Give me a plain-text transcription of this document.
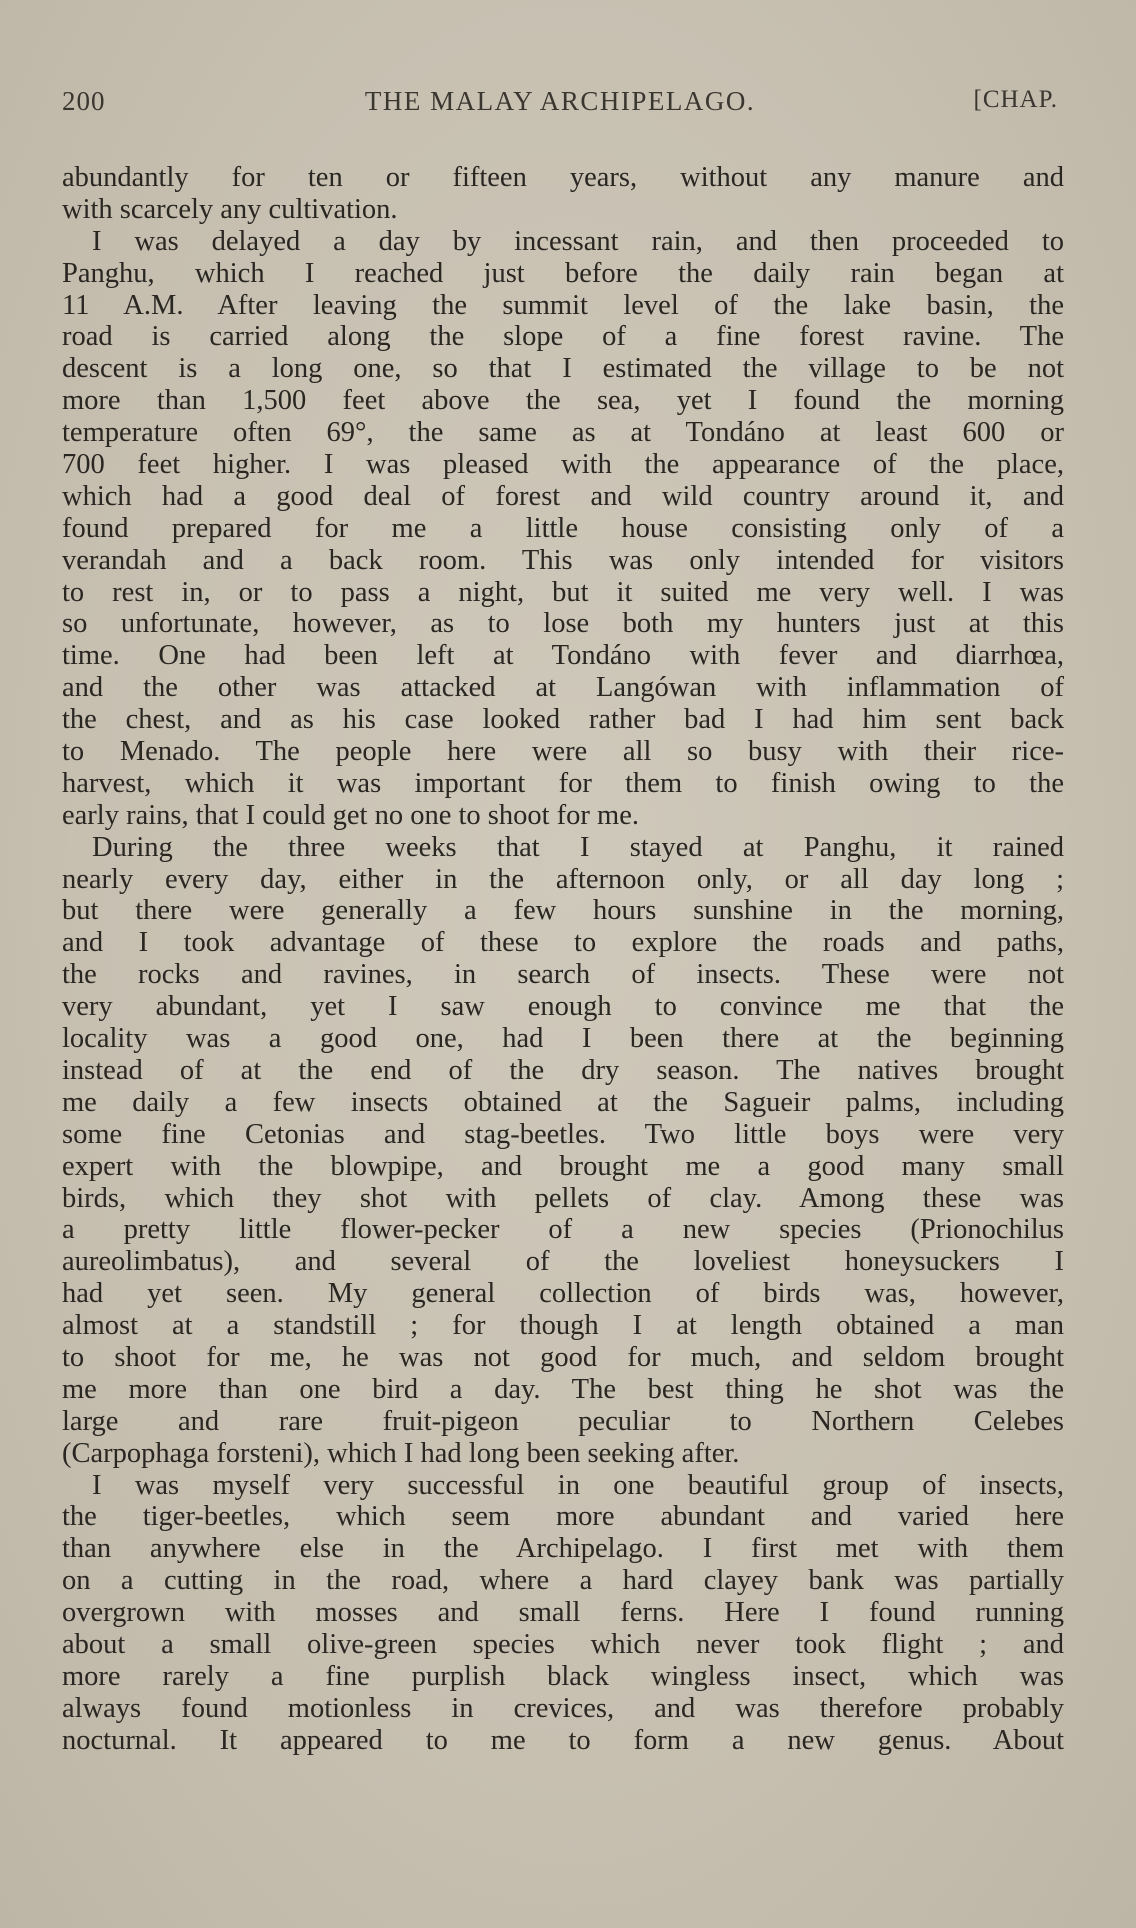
200	THE MALAY ARCHIPELAGO.	[CHAP.
abundantly for ten or fifteen years, without any manure and
with scarcely any cultivation.
I was delayed a day by incessant rain, and then proceeded to
Panghu, which I reached just before the daily rain began at
11 A.M. After leaving the summit level of the lake basin, the
road is carried along the slope of a fine forest ravine. The
descent is a long one, so that I estimated the village to be not
more than 1,500 feet above the sea, yet I found the morning
temperature often 69°, the same as at Tondáno at least 600 or
700 feet higher. I was pleased with the appearance of the place,
which had a good deal of forest and wild country around it, and
found prepared for me a little house consisting only of a
verandah and a back room. This was only intended for visitors
to rest in, or to pass a night, but it suited me very well. I was
so unfortunate, however, as to lose both my hunters just at this
time. One had been left at Tondáno with fever and diarrhœa,
and the other was attacked at Langówan with inflammation of
the chest, and as his case looked rather bad I had him sent back
to Menado. The people here were all so busy with their rice-
harvest, which it was important for them to finish owing to the
early rains, that I could get no one to shoot for me.
During the three weeks that I stayed at Panghu, it rained
nearly every day, either in the afternoon only, or all day long ;
but there were generally a few hours sunshine in the morning,
and I took advantage of these to explore the roads and paths,
the rocks and ravines, in search of insects. These were not
very abundant, yet I saw enough to convince me that the
locality was a good one, had I been there at the beginning
instead of at the end of the dry season. The natives brought
me daily a few insects obtained at the Sagueir palms, including
some fine Cetonias and stag-beetles. Two little boys were very
expert with the blowpipe, and brought me a good many small
birds, which they shot with pellets of clay. Among these was
a pretty little flower-pecker of a new species (Prionochilus
aureolimbatus), and several of the loveliest honeysuckers I
had yet seen. My general collection of birds was, however,
almost at a standstill ; for though I at length obtained a man
to shoot for me, he was not good for much, and seldom brought
me more than one bird a day. The best thing he shot was the
large and rare fruit-pigeon peculiar to Northern Celebes
(Carpophaga forsteni), which I had long been seeking after.
I was myself very successful in one beautiful group of insects,
the tiger-beetles, which seem more abundant and varied here
than anywhere else in the Archipelago. I first met with them
on a cutting in the road, where a hard clayey bank was partially
overgrown with mosses and small ferns. Here I found running
about a small olive-green species which never took flight ; and
more rarely a fine purplish black wingless insect, which was
always found motionless in crevices, and was therefore probably
nocturnal. It appeared to me to form a new genus. About
